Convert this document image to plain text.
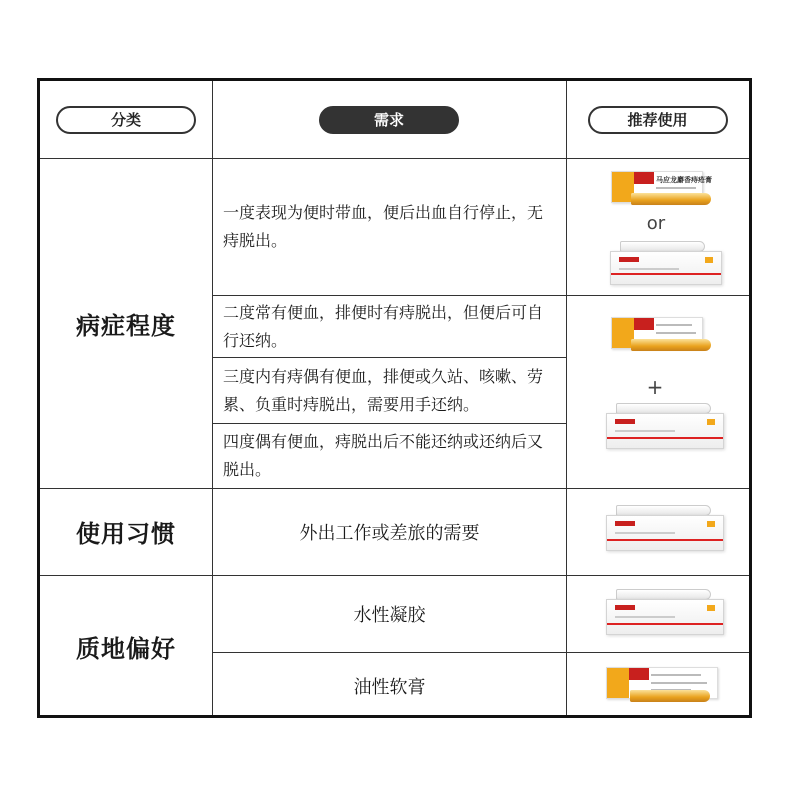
分类	需求	推荐使用
病症程度
使用习惯
质地偏好
一度表现为便时带血，便后出血自行停止，无痔脱出。
二度常有便血，排便时有痔脱出，但便后可自行还纳。
三度内有痔偶有便血，排便或久站、咳嗽、劳累、负重时痔脱出，需要用手还纳。
四度偶有便血，痔脱出后不能还纳或还纳后又脱出。
外出工作或差旅的需要
水性凝胶
油性软膏
马应龙麝香痔疮膏
or
+
